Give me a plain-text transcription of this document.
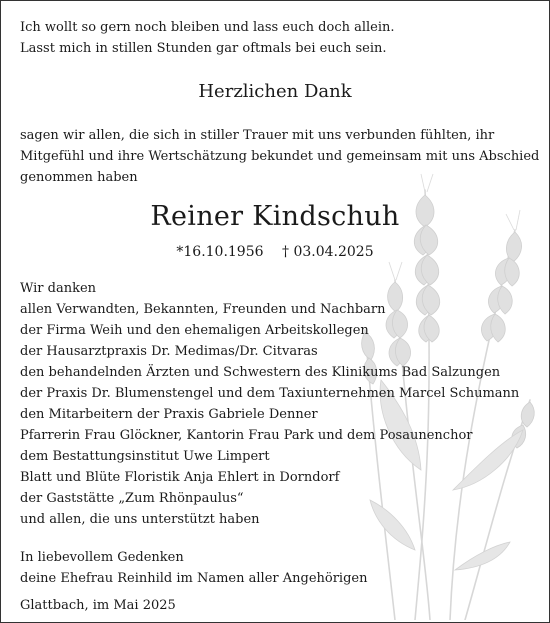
Ich wollt so gern noch bleiben und lass euch doch allein.
Lasst mich in stillen Stunden gar oftmals bei euch sein.
Herzlichen Dank
sagen wir allen, die sich in stiller Trauer mit uns verbunden fühlten, ihr
Mitgefühl und ihre Wertschätzung bekundet und gemeinsam mit uns Abschied
genommen haben
Reiner Kindschuh
*16.10.1956 † 03.04.2025
Wir danken
allen Verwandten, Bekannten, Freunden und Nachbarn
der Firma Weih und den ehemaligen Arbeitskollegen
der Hausarztpraxis Dr. Medimas/Dr. Citvaras
den behandelnden Ärzten und Schwestern des Klinikums Bad Salzungen
der Praxis Dr. Blumenstengel und dem Taxiunternehmen Marcel Schumann
den Mitarbeitern der Praxis Gabriele Denner
Pfarrerin Frau Glöckner, Kantorin Frau Park und dem Posaunenchor
dem Bestattungsinstitut Uwe Limpert
Blatt und Blüte Floristik Anja Ehlert in Dorndorf
der Gaststätte „Zum Rhönpaulus“
und allen, die uns unterstützt haben
In liebevollem Gedenken
deine Ehefrau Reinhild im Namen aller Angehörigen
Glattbach, im Mai 2025
